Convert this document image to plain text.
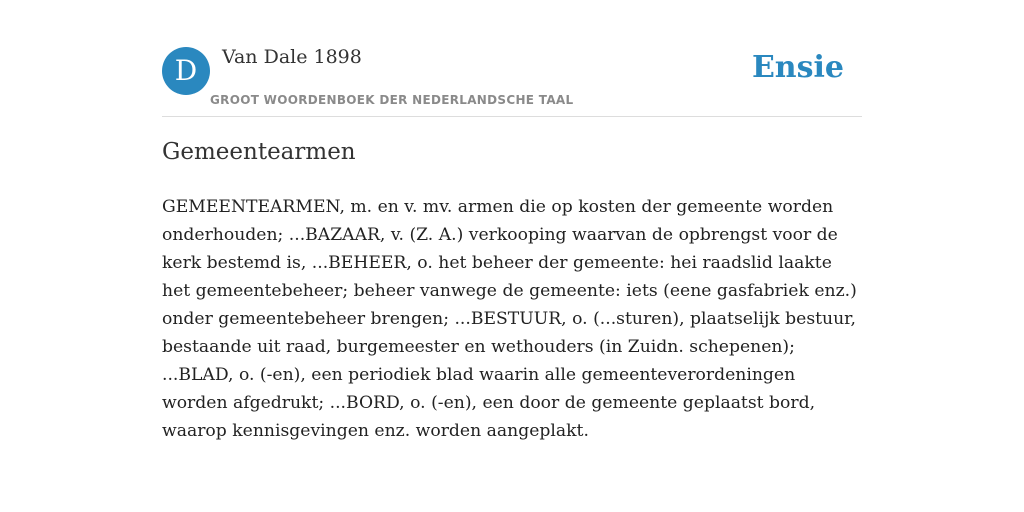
D	Van Dale 1898
GROOT WOORDENBOEK DER NEDERLANDSCHE TAAL
Ensie
Gemeentearmen

GEMEENTEARMEN, m. en v. mv. armen die op kosten der gemeente worden onderhouden; ...BAZAAR, v. (Z. A.) verkooping waarvan de opbrengst voor de kerk bestemd is, ...BEHEER, o. het beheer der gemeente: hei raadslid laakte het gemeentebeheer; beheer vanwege de gemeente: iets (eene gasfabriek enz.) onder gemeentebeheer brengen; ...BESTUUR, o. (...sturen), plaatselijk bestuur, bestaande uit raad, burgemeester en wethouders (in Zuidn. schepenen); ...BLAD, o. (-en), een periodiek blad waarin alle gemeenteverordeningen worden afgedrukt; ...BORD, o. (-en), een door de gemeente geplaatst bord, waarop kennisgevingen enz. worden aangeplakt.
